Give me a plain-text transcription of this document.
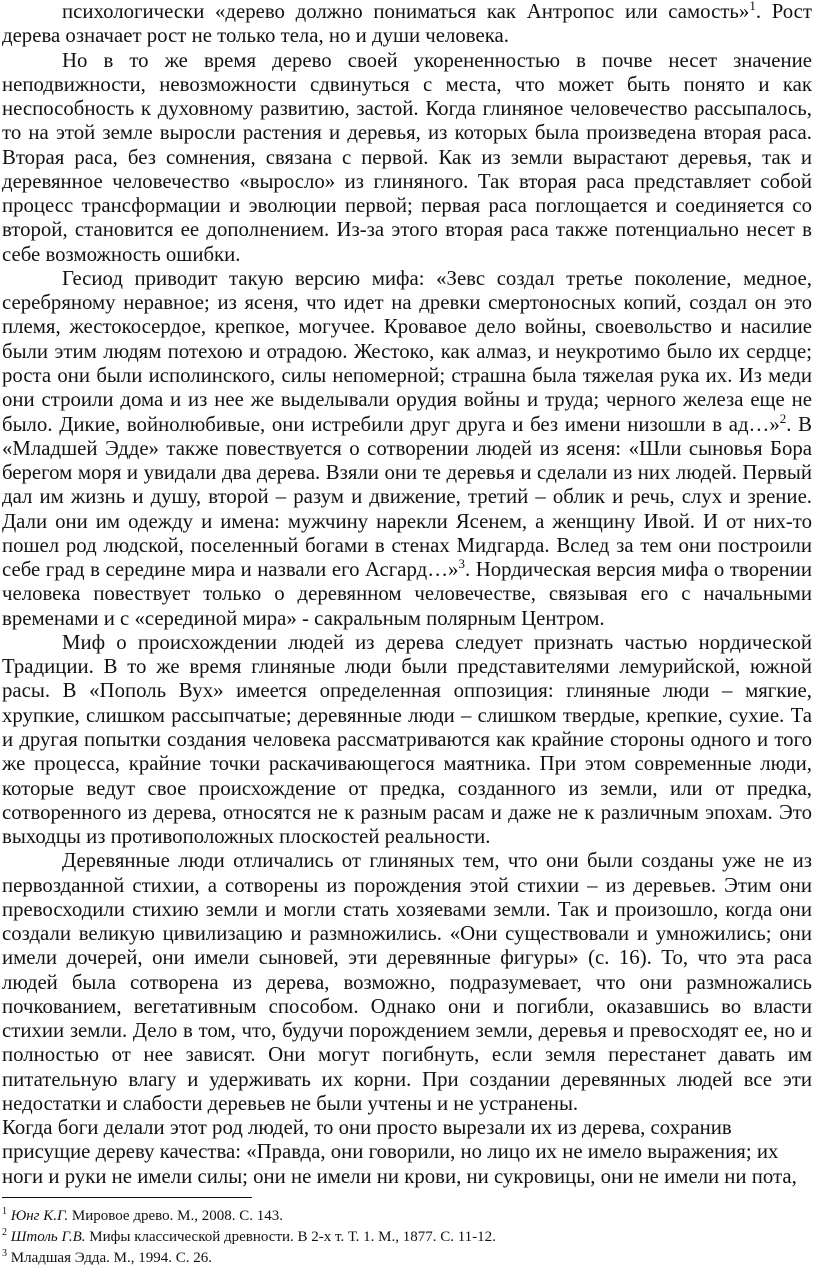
психологически «дерево должно пониматься как Антропос или самость»$^1$. Рост дерева означает рост не только тела, но и души человека.

Но в то же время дерево своей укорененностью в почве несет значение неподвижности, невозможности сдвинуться с места, что может быть понято и как неспособность к духовному развитию, застой. Когда глиняное человечество рассыпалось, то на этой земле выросли растения и деревья, из которых была произведена вторая раса. Вторая раса, без сомнения, связана с первой. Как из земли вырастают деревья, так и деревянное человечество «выросло» из глиняного. Так вторая раса представляет собой процесс трансформации и эволюции первой; первая раса поглощается и соединяется со второй, становится ее дополнением. Из-за этого вторая раса также потенциально несет в себе возможность ошибки.

Гесиод приводит такую версию мифа: «Зевс создал третье поколение, медное, серебряному неравное; из ясеня, что идет на древки смертоносных копий, создал он это племя, жестокосердое, крепкое, могучее. Кровавое дело войны, своевольство и насилие были этим людям потехою и отрадою. Жестоко, как алмаз, и неукротимо было их сердце; роста они были исполинского, силы непомерной; страшна была тяжелая рука их. Из меди они строили дома и из нее же выделывали орудия войны и труда; черного железа еще не было. Дикие, войнолюбивые, они истребили друг друга и без имени низошли в ад…»$^2$. В «Младшей Эдде» также повествуется о сотворении людей из ясеня: «Шли сыновья Бора берегом моря и увидали два дерева. Взяли они те деревья и сделали из них людей. Первый дал им жизнь и душу, второй – разум и движение, третий – облик и речь, слух и зрение. Дали они им одежду и имена: мужчину нарекли Ясенем, а женщину Ивой. И от них-то пошел род людской, поселенный богами в стенах Мидгарда. Вслед за тем они построили себе град в середине мира и назвали его Асгард…»$^3$. Нордическая версия мифа о творении человека повествует только о деревянном человечестве, связывая его с начальными временами и с «серединой мира» - сакральным полярным Центром.

Миф о происхождении людей из дерева следует признать частью нордической Традиции. В то же время глиняные люди были представителями лемурийской, южной расы. В «Пополь Вух» имеется определенная оппозиция: глиняные люди – мягкие, хрупкие, слишком рассыпчатые; деревянные люди – слишком твердые, крепкие, сухие. Та и другая попытки создания человека рассматриваются как крайние стороны одного и того же процесса, крайние точки раскачивающегося маятника. При этом современные люди, которые ведут свое происхождение от предка, созданного из земли, или от предка, сотворенного из дерева, относятся не к разным расам и даже не к различным эпохам. Это выходцы из противоположных плоскостей реальности.

Деревянные люди отличались от глиняных тем, что они были созданы уже не из первозданной стихии, а сотворены из порождения этой стихии – из деревьев. Этим они превосходили стихию земли и могли стать хозяевами земли. Так и произошло, когда они создали великую цивилизацию и размножились. «Они существовали и умножились; они имели дочерей, они имели сыновей, эти деревянные фигуры» (с. 16). То, что эта раса людей была сотворена из дерева, возможно, подразумевает, что они размножались почкованием, вегетативным способом. Однако они и погибли, оказавшись во власти стихии земли. Дело в том, что, будучи порождением земли, деревья и превосходят ее, но и полностью от нее зависят. Они могут погибнуть, если земля перестанет давать им питательную влагу и удерживать их корни. При создании деревянных людей все эти недостатки и слабости деревьев не были учтены и не устранены.

Когда боги делали этот род людей, то они просто вырезали их из дерева, сохранив присущие дереву качества: «Правда, они говорили, но лицо их не имело выражения; их ноги и руки не имели силы; они не имели ни крови, ни сукровицы, они не имели ни пота,

$^1$ Юнг К.Г. Мировое древо. М., 2008. С. 143.
$^2$ Штоль Г.В. Мифы классической древности. В 2-х т. Т. 1. М., 1877. С. 11-12.
$^3$ Младшая Эдда. М., 1994. С. 26.
